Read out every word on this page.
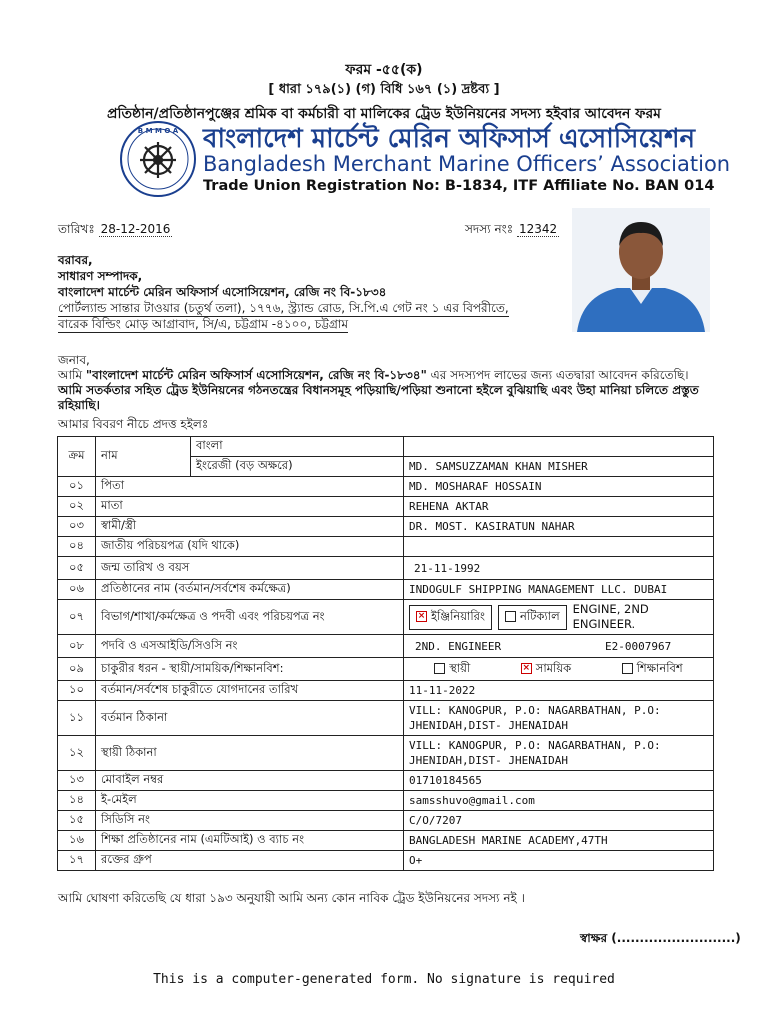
ফরম -৫৫(ক)
[ ধারা ১৭৯(১) (গ) বিধি ১৬৭ (১) দ্রষ্টব্য ]
প্রতিষ্ঠান/প্রতিষ্ঠানপুঞ্জের শ্রমিক বা কর্মচারী বা মালিকের ট্রেড ইউনিয়নের সদস্য হইবার আবেদন ফরম
B M M O A বাংলাদেশ মার্চেন্ট মেরিন অফিসার্স এসোসিয়েশন
Bangladesh Merchant Marine Officers’ Association
Trade Union Registration No: B-1834, ITF Affiliate No. BAN 014
তারিখঃ 28-12-2016	সদস্য নংঃ 12342
বরাবর,
সাধারণ সম্পাদক,
বাংলাদেশ মার্চেন্ট মেরিন অফিসার্স এসোসিয়েশন, রেজি নং বি-১৮৩৪
পোর্টল্যান্ড সান্তার টাওয়ার (চতুর্থ তলা), ১৭৭৬, স্ট্র্যান্ড রোড, সি.পি.এ গেট নং ১ এর বিপরীতে,
বারেক বিল্ডিং মোড় আগ্রাবাদ, সি/এ, চট্টগ্রাম -৪১০০, চট্টগ্রাম
জনাব,
আমি "বাংলাদেশ মার্চেন্ট মেরিন অফিসার্স এসোসিয়েশন, রেজি নং বি-১৮৩৪" এর সদস্যপদ লাভের জন্য এতদ্বারা আবেদন করিতেছি। আমি সতর্কতার সহিত ট্রেড ইউনিয়নের গঠনতন্ত্রের বিধানসমূহ পড়িয়াছি/পড়িয়া শুনানো হইলে বুঝিয়াছি এবং উহা মানিয়া চলিতে প্রস্তুত রহিয়াছি।
আমার বিবরণ নীচে প্রদত্ত হইলঃ
ক্রম	নাম	বাংলা	
		ইংরেজী (বড় অক্ষরে)	MD. SAMSUZZAMAN KHAN MISHER
০১	পিতা		MD. MOSHARAF HOSSAIN
০২	মাতা		REHENA AKTAR
০৩	স্বামী/স্ত্রী		DR. MOST. KASIRATUN NAHAR
০৪	জাতীয় পরিচয়পত্র (যদি থাকে)		
০৫	জন্ম তারিখ ও বয়স		21-11-1992
০৬	প্রতিষ্ঠানের নাম (বর্তমান/সর্বশেষ কর্মক্ষেত্র)		INDOGULF SHIPPING MANAGEMENT LLC. DUBAI
০৭	বিভাগ/শাখা/কর্মক্ষেত্র ও পদবী এবং পরিচয়পত্র নং		× ইঞ্জিনিয়ারিং নটিক্যাল ENGINE, 2ND ENGINEER.

০৮	পদবি ও এসআইডি/সিওসি নং		2ND. ENGINEER E2-0007967
০৯	চাকুরীর ধরন - স্থায়ী/সাময়িক/শিক্ষানবিশ:		স্থায়ী × সাময়িক শিক্ষানবিশ

১০	বর্তমান/সর্বশেষ চাকুরীতে যোগদানের তারিখ		11-11-2022
১১	বর্তমান ঠিকানা		VILL: KANOGPUR, P.O: NAGARBATHAN, P.O: JHENIDAH,DIST- JHENAIDAH
১২	স্থায়ী ঠিকানা		VILL: KANOGPUR, P.O: NAGARBATHAN, P.O: JHENIDAH,DIST- JHENAIDAH
১৩	মোবাইল নম্বর		01710184565
১৪	ই-মেইল		samsshuvo@gmail.com
১৫	সিডিসি নং		C/O/7207
১৬	শিক্ষা প্রতিষ্ঠানের নাম (এমটিআই) ও ব্যাচ নং		BANGLADESH MARINE ACADEMY,47TH
১৭	রক্তের গ্রুপ		O+
আমি ঘোষণা করিতেছি যে ধারা ১৯৩ অনুযায়ী আমি অন্য কোন নাবিক ট্রেড ইউনিয়নের সদস্য নই ।
স্বাক্ষর (..........................)
This is a computer-generated form. No signature is required
